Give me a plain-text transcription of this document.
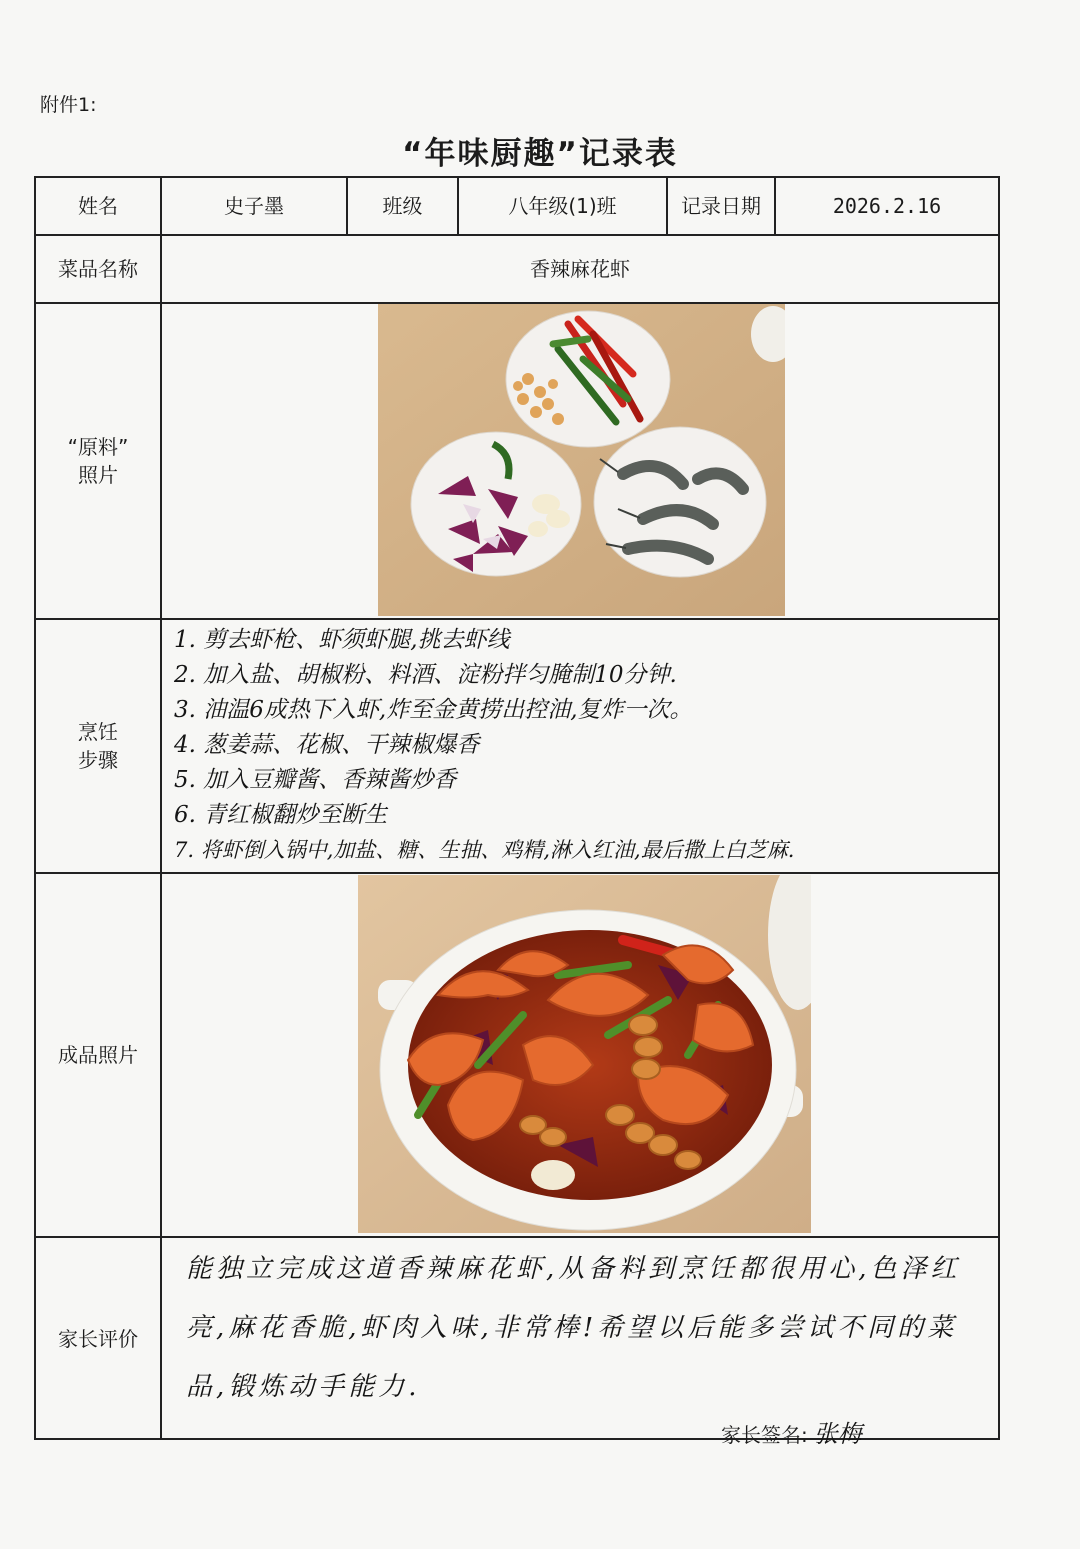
附件1:
“年味厨趣”记录表
姓名	史子墨	班级	八年级(1)班	记录日期	2026.2.16
菜品名称	香辣麻花虾
“原料”
照片
烹饪
步骤
1. 剪去虾枪、虾须虾腿,挑去虾线
2. 加入盐、胡椒粉、料酒、淀粉拌匀腌制10分钟.
3. 油温6成热下入虾,炸至金黄捞出控油,复炸一次。
4. 葱姜蒜、花椒、干辣椒爆香
5. 加入豆瓣酱、香辣酱炒香
6. 青红椒翻炒至断生
7. 将虾倒入锅中,加盐、糖、生抽、鸡精,淋入红油,最后撒上白芝麻.
成品照片
家长评价
能独立完成这道香辣麻花虾,从备料到烹饪都很用心,色泽红亮,麻花香脆,虾肉入味,非常棒!希望以后能多尝试不同的菜品,锻炼动手能力.
家长签名: 张梅
